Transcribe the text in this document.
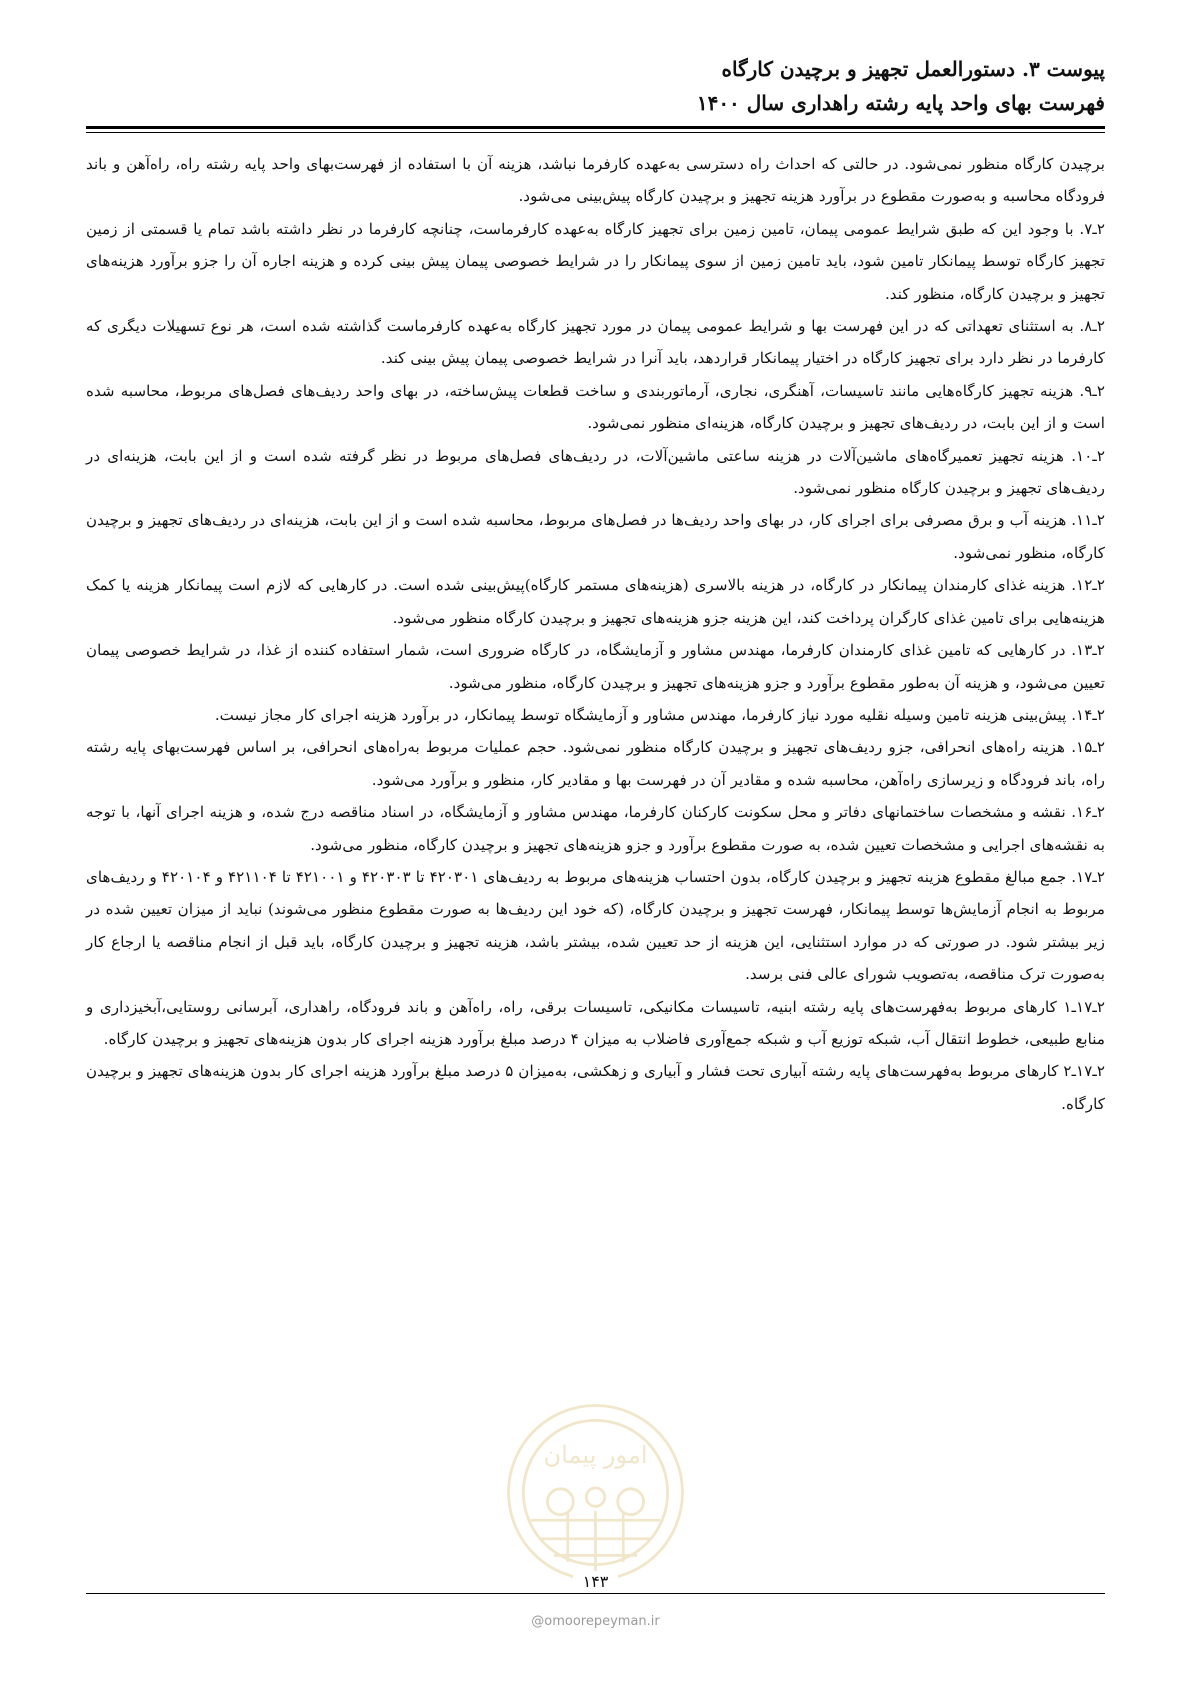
پیوست ۳. دستورالعمل تجهیز و برچیدن کارگاه
فهرست بهای واحد پایه رشته راهداری سال ۱۴۰۰

برچیدن کارگاه منظور نمی‌شود. در حالتی که احداث راه دسترسی به‌عهده کارفرما نباشد، هزینه آن با استفاده از فهرست‌بهای واحد پایه رشته راه، راه‌آهن و باند فرودگاه محاسبه و به‌صورت مقطوع در برآورد هزینه تجهیز و برچیدن کارگاه پیش‌بینی می‌شود.

۲ـ۷. با وجود این که طبق شرایط عمومی پیمان، تامین زمین برای تجهیز کارگاه به‌عهده کارفرماست، چنانچه کارفرما در نظر داشته باشد تمام یا قسمتی از زمین تجهیز کارگاه توسط پیمانکار تامین شود، باید تامین زمین از سوی پیمانکار را در شرایط خصوصی پیمان پیش بینی کرده و هزینه اجاره آن را جزو برآورد هزینه‌های تجهیز و برچیدن کارگاه، منظور کند.

۲ـ۸. به استثنای تعهداتی که در این فهرست بها و شرایط عمومی پیمان در مورد تجهیز کارگاه به‌عهده کارفرماست گذاشته شده است، هر نوع تسهیلات دیگری که کارفرما در نظر دارد برای تجهیز کارگاه در اختیار پیمانکار قراردهد، باید آنرا در شرایط خصوصی پیمان پیش بینی کند.

۲ـ۹. هزینه تجهیز کارگاه‌هایی مانند تاسیسات، آهنگری، نجاری، آرماتوربندی و ساخت قطعات پیش‌ساخته، در بهای واحد ردیف‌های فصل‌های مربوط، محاسبه شده است و از این بابت، در ردیف‌های تجهیز و برچیدن کارگاه، هزینه‌ای منظور نمی‌شود.

۲ـ۱۰. هزینه تجهیز تعمیرگاه‌های ماشین‌آلات در هزینه ساعتی ماشین‌آلات، در ردیف‌های فصل‌های مربوط در نظر گرفته شده است و از این بابت، هزینه‌ای در ردیف‌های تجهیز و برچیدن کارگاه منظور نمی‌شود.

۲ـ۱۱. هزینه آب و برق مصرفی برای اجرای کار، در بهای واحد ردیف‌ها در فصل‌های مربوط، محاسبه شده است و از این بابت، هزینه‌ای در ردیف‌های تجهیز و برچیدن کارگاه، منظور نمی‌شود.

۲ـ۱۲. هزینه غذای کارمندان پیمانکار در کارگاه، در هزینه بالاسری (هزینه‌های مستمر کارگاه)پیش‌بینی شده است. در کارهایی که لازم است پیمانکار هزینه یا کمک هزینه‌هایی برای تامین غذای کارگران پرداخت کند، این هزینه جزو هزینه‌های تجهیز و برچیدن کارگاه منظور می‌شود.

۲ـ۱۳. در کارهایی که تامین غذای کارمندان کارفرما، مهندس مشاور و آزمایشگاه، در کارگاه ضروری است، شمار استفاده کننده از غذا، در شرایط خصوصی پیمان تعیین می‌شود، و هزینه آن به‌طور مقطوع برآورد و جزو هزینه‌های تجهیز و برچیدن کارگاه، منظور می‌شود.

۲ـ۱۴. پیش‌بینی هزینه تامین وسیله نقلیه مورد نیاز کارفرما، مهندس مشاور و آزمایشگاه توسط پیمانکار، در برآورد هزینه اجرای کار مجاز نیست.

۲ـ۱۵. هزینه راه‌های انحرافی، جزو ردیف‌های تجهیز و برچیدن کارگاه منظور نمی‌شود. حجم عملیات مربوط به‌راه‌های انحرافی، بر اساس فهرست‌بهای پایه رشته راه، باند فرودگاه و زیرسازی راه‌آهن، محاسبه شده و مقادیر آن در فهرست بها و مقادیر کار، منظور و برآورد می‌شود.

۲ـ۱۶. نقشه و مشخصات ساختمانهای دفاتر و محل سکونت کارکنان کارفرما، مهندس مشاور و آزمایشگاه، در اسناد مناقصه درج شده، و هزینه اجرای آنها، با توجه به نقشه‌های اجرایی و مشخصات تعیین شده، به صورت مقطوع برآورد و جزو هزینه‌های تجهیز و برچیدن کارگاه، منظور می‌شود.

۲ـ۱۷. جمع مبالغ مقطوع هزینه تجهیز و برچیدن کارگاه، بدون احتساب هزینه‌های مربوط به ردیف‌های ۴۲۰۳۰۱ تا ۴۲۰۳۰۳ و ۴۲۱۰۰۱ تا ۴۲۱۱۰۴ و ۴۲۰۱۰۴ و ردیف‌های مربوط به انجام آزمایش‌ها توسط پیمانکار، فهرست تجهیز و برچیدن کارگاه، (که خود این ردیف‌ها به صورت مقطوع منظور می‌شوند) نباید از میزان تعیین شده در زیر بیشتر شود. در صورتی که در موارد استثنایی، این هزینه از حد تعیین شده، بیشتر باشد، هزینه تجهیز و برچیدن کارگاه، باید قبل از انجام مناقصه یا ارجاع کار به‌صورت ترک مناقصه، به‌تصویب شورای عالی فنی برسد.

۲ـ۱۷ـ۱ کارهای مربوط به‌فهرست‌های پایه رشته ابنیه، تاسیسات مکانیکی، تاسیسات برقی، راه، راه‌آهن و باند فرودگاه، راهداری، آبرسانی روستایی،آبخیزداری و منابع طبیعی، خطوط انتقال آب، شبکه توزیع آب و شبکه جمع‌آوری فاضلاب به میزان ۴ درصد مبلغ برآورد هزینه اجرای کار بدون هزینه‌های تجهیز و برچیدن کارگاه.

۲ـ۱۷ـ۲ کارهای مربوط به‌فهرست‌های پایه رشته آبیاری تحت فشار و آبیاری و زهکشی، به‌میزان ۵ درصد مبلغ برآورد هزینه اجرای کار بدون هزینه‌های تجهیز و برچیدن کارگاه.

امور پیمان
۱۴۳
@omoorepeyman.ir
